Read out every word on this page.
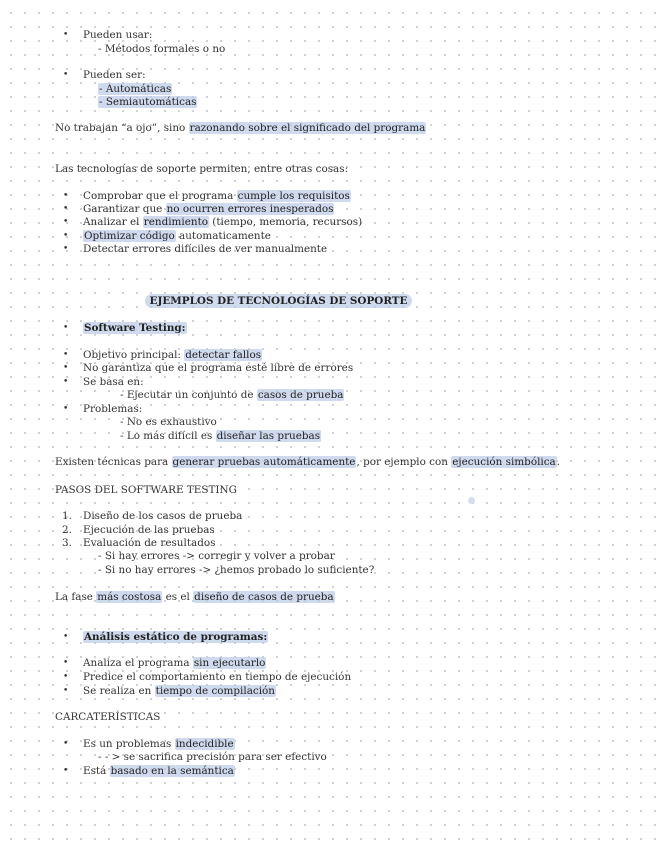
• Pueden usar:
- Métodos formales o no
• Pueden ser:
- Automáticas
- Semiautomáticas
No trabajan “a ojo”, sino razonando sobre el significado del programa
Las tecnologías de soporte permiten, entre otras cosas:
• Comprobar que el programa cumple los requisitos
• Garantizar que no ocurren errores inesperados
• Analizar el rendimiento (tiempo, memoria, recursos)
• Optimizar código automaticamente
• Detectar errores difíciles de ver manualmente
EJEMPLOS DE TECNOLOGÍAS DE SOPORTE
• Software Testing:
• Objetivo principal: detectar fallos
• No garantiza que el programa esté libre de errores
• Se basa en:
- Ejecutar un conjunto de casos de prueba
• Problemas:
- No es exhaustivo
- Lo más difícil es diseñar las pruebas
Existen técnicas para generar pruebas automáticamente, por ejemplo con ejecución simbólica.
PASOS DEL SOFTWARE TESTING
1. Diseño de los casos de prueba
2. Ejecución de las pruebas
3. Evaluación de resultados
- Si hay errores -> corregir y volver a probar
- Si no hay errores -> ¿hemos probado lo suficiente?
La fase más costosa es el diseño de casos de prueba
• Análisis estático de programas:
• Analiza el programa sin ejecutarlo
• Predice el comportamiento en tiempo de ejecución
• Se realiza en tiempo de compilación
CARCATERÍSTICAS
• Es un problemas indecidible
- - > se sacrifica precisión para ser efectivo
• Está basado en la semántica
